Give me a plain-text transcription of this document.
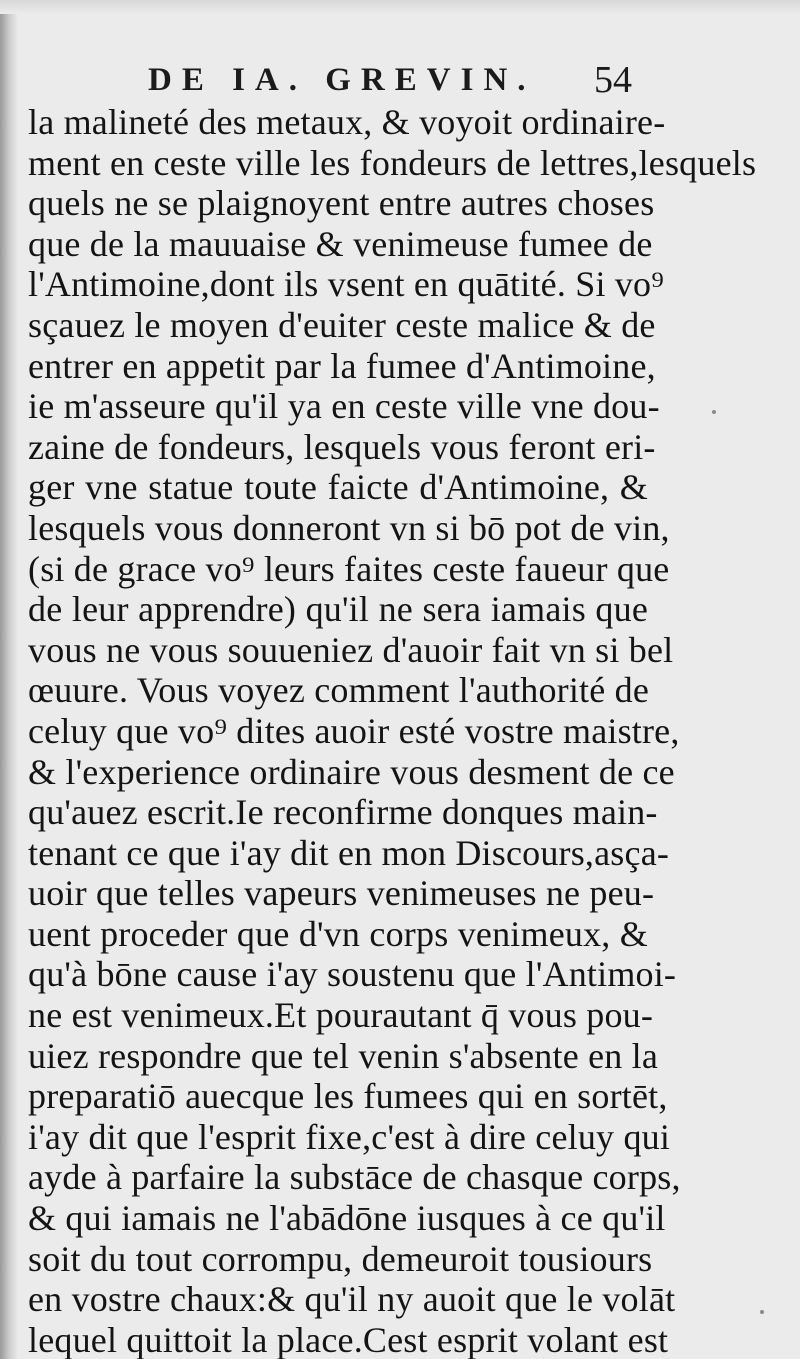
DE IA. GREVIN.	54
la malineté des metaux, & voyoit ordinaire-
ment en ceste ville les fondeurs de lettres,lesquels
quels ne se plaignoyent entre autres choses
que de la mauuaise & venimeuse fumee de
l'Antimoine,dont ils vsent en quātité. Si vo⁹
sçauez le moyen d'euiter ceste malice & de
entrer en appetit par la fumee d'Antimoine,
ie m'asseure qu'il ya en ceste ville vne dou-
zaine de fondeurs, lesquels vous feront eri-
ger vne statue toute faicte d'Antimoine, &
lesquels vous donneront vn si bō pot de vin,
(si de grace vo⁹ leurs faites ceste faueur que
de leur apprendre) qu'il ne sera iamais que
vous ne vous souueniez d'auoir fait vn si bel
œuure. Vous voyez comment l'authorité de
celuy que vo⁹ dites auoir esté vostre maistre,
& l'experience ordinaire vous desment de ce
qu'auez escrit.Ie reconfirme donques main-
tenant ce que i'ay dit en mon Discours,asça-
uoir que telles vapeurs venimeuses ne peu-
uent proceder que d'vn corps venimeux, &
qu'à bōne cause i'ay soustenu que l'Antimoi-
ne est venimeux.Et pourautant q̄ vous pou-
uiez respondre que tel venin s'absente en la
preparatiō auecque les fumees qui en sortēt,
i'ay dit que l'esprit fixe,c'est à dire celuy qui
ayde à parfaire la substāce de chasque corps,
& qui iamais ne l'abādōne iusques à ce qu'il
soit du tout corrompu, demeuroit tousiours
en vostre chaux:& qu'il ny auoit que le volāt
lequel quittoit la place.Cest esprit volant est
